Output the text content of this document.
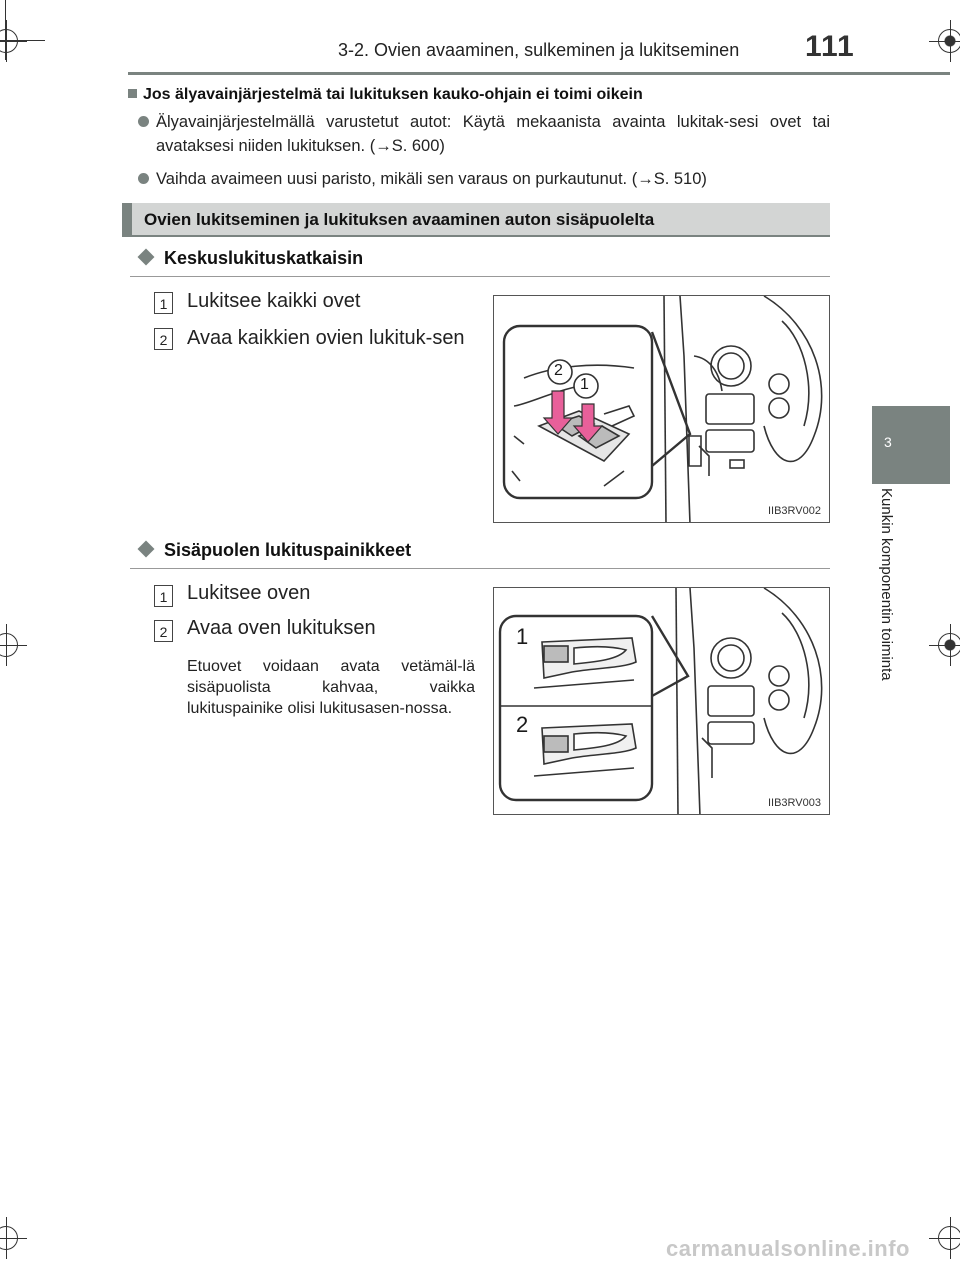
3-2. Ovien avaaminen, sulkeminen ja lukitseminen 111
3
Kunkin komponentin toiminta
Jos älyavainjärjestelmä tai lukituksen kauko-ohjain ei toimi oikein
Älyavainjärjestelmällä varustetut autot: Käytä mekaanista avainta lukitak-sesi ovet tai avataksesi niiden lukituksen. (→S. 600)
Vaihda avaimeen uusi paristo, mikäli sen varaus on purkautunut. (→S. 510)
Ovien lukitseminen ja lukituksen avaaminen auton sisäpuolelta
Keskuslukituskatkaisin
1 Lukitsee kaikki ovet
2 Avaa kaikkien ovien lukituk-sen
2
1
IIB3RV002
Sisäpuolen lukituspainikkeet
1 Lukitsee oven
2 Avaa oven lukituksen
Etuovet voidaan avata vetämäl-lä sisäpuolista kahvaa, vaikka lukituspainike olisi lukitusasen-nossa.
1
2
IIB3RV003
carmanualsonline.info
